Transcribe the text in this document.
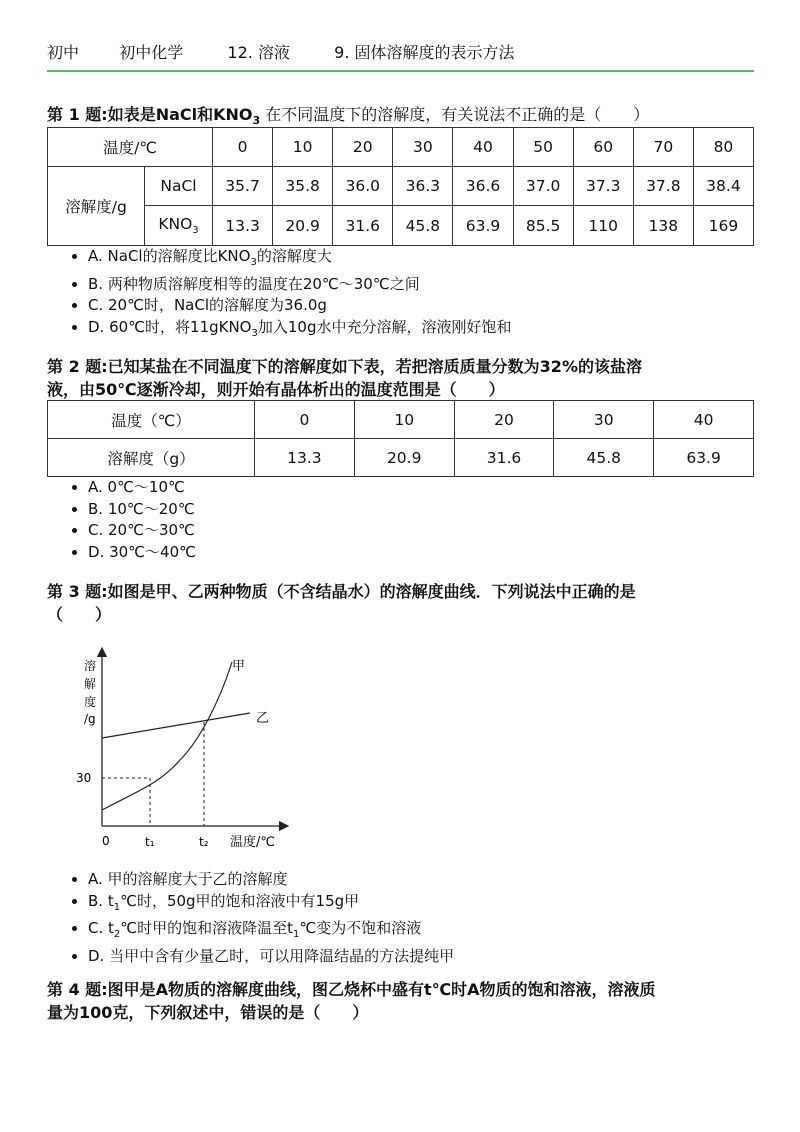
初中	初中化学	12. 溶液	9. 固体溶解度的表示方法
第 1 题:如表是NaCl和$KNO_3$ 在不同温度下的溶解度，有关说法不正确的是（　　）
温度/℃		0	10	20	30	40	50	60	70	80
溶解度/g	NaCl	35.7	35.8	36.0	36.3	36.6	37.0	37.3	37.8	38.4
	$KNO_3$	13.3	20.9	31.6	45.8	63.9	85.5	110	138	169
• A. NaCl的溶解度比$KNO_3$的溶解度大
• B. 两种物质溶解度相等的温度在20℃～30℃之间
• C. 20℃时，NaCl的溶解度为36.0g
• D. 60℃时，将11gKNO$_3$加入10g水中充分溶解，溶液刚好饱和
第 2 题:已知某盐在不同温度下的溶解度如下表，若把溶质质量分数为32%的该盐溶
液，由50℃逐渐冷却，则开始有晶体析出的温度范围是（　　）
温度（℃）	0	10	20	30	40
溶解度（g）	13.3	20.9	31.6	45.8	63.9
• A. 0℃～10℃
• B. 10℃～20℃
• C. 20℃～30℃
• D. 30℃～40℃
第 3 题:如图是甲、乙两种物质（不含结晶水）的溶解度曲线．下列说法中正确的是
（　　）
溶
解
度
/g
30
0	t₁	t₂ 温度/℃
甲
乙
• A. 甲的溶解度大于乙的溶解度
• B. $t_1℃$时，50g甲的饱和溶液中有15g甲
• C. $t_2℃$时甲的饱和溶液降温至$t_1℃$变为不饱和溶液
• D. 当甲中含有少量乙时，可以用降温结晶的方法提纯甲
第 4 题:图甲是A物质的溶解度曲线，图乙烧杯中盛有t℃时A物质的饱和溶液，溶液质
量为100克，下列叙述中，错误的是（　　）
